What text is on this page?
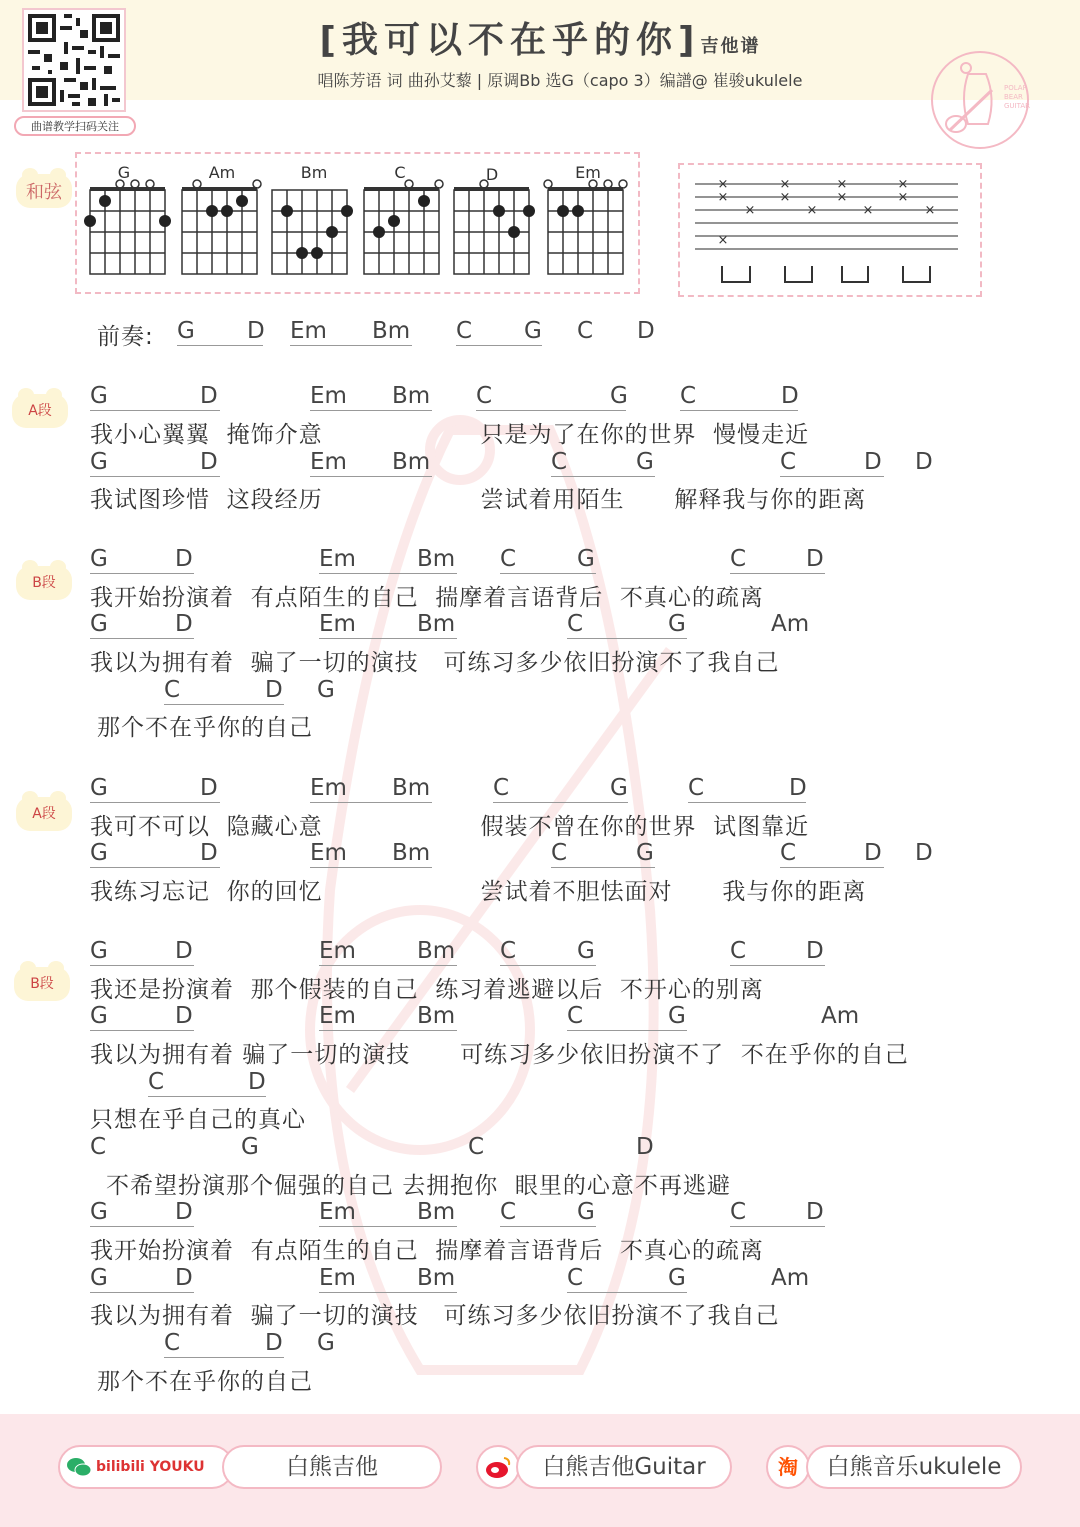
曲谱教学扫码关注
[我可以不在乎的你]吉他谱
唱陈芳语 词 曲孙艾藜 | 原调Bb 选G（capo 3）编譜@ 崔骏ukulele	POLAR
BEAR
GUITAR
和弦
G	Am	Bm	C	D	Em
×
×
×
×
×
×
×
×
×
×
×
×
×
前奏: G	D Em	Bm C	G C D
A段
B段
A段
B段
G	D	Em	Bm C	G C	D
我小心翼翼  掩饰介意                   只是为了在你的世界  慢慢走近
G	D	Em	Bm	C	G	C	D D
我试图珍惜  这段经历                   尝试着用陌生      解释我与你的距离
G	D	Em	Bm C	G	C	D
我开始扮演着  有点陌生的自己  揣摩着言语背后  不真心的疏离
G	D	Em	Bm	C	G	Am
我以为拥有着  骗了一切的演技   可练习多少依旧扮演不了我自己
C	D G
那个不在乎你的自己
G	D	Em	Bm	C	G	C	D
我可不可以  隐藏心意                   假装不曾在你的世界  试图靠近
G	D	Em	Bm	C	G	C	D D
我练习忘记  你的回忆                   尝试着不胆怯面对      我与你的距离
G	D	Em	Bm C	G	C	D
我还是扮演着  那个假装的自己  练习着逃避以后  不开心的别离
G	D	Em	Bm	C	G	Am
我以为拥有着 骗了一切的演技      可练习多少依旧扮演不了  不在乎你的自己
C	D
只想在乎自己的真心
C	G	C	D
不希望扮演那个倔强的自己 去拥抱你  眼里的心意不再逃避
G	D	Em	Bm C	G	C	D
我开始扮演着  有点陌生的自己  揣摩着言语背后  不真心的疏离
G	D	Em	Bm	C	G	Am
我以为拥有着  骗了一切的演技   可练习多少依旧扮演不了我自己
C	D G
那个不在乎你的自己
bilibili YOUKU	白熊吉他	白熊吉他Guitar	淘	白熊音乐ukulele
